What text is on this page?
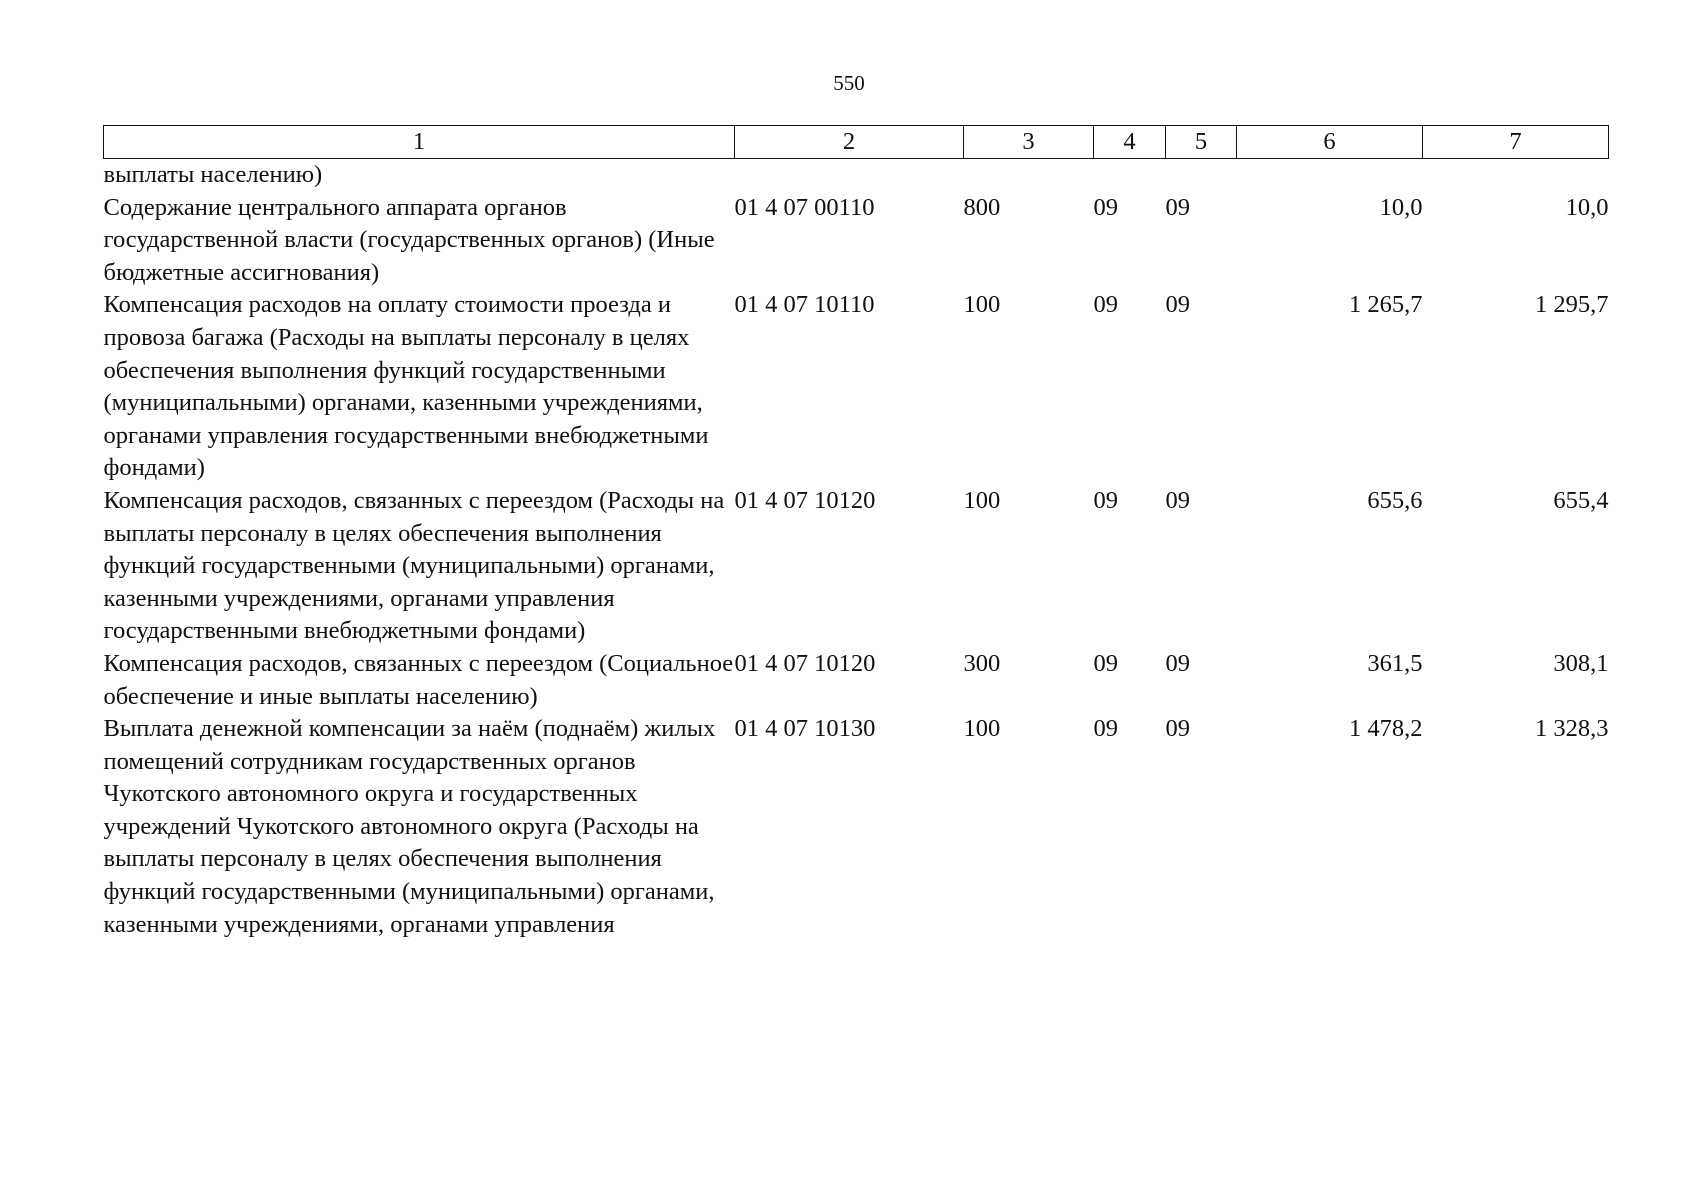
550
1	2	3	4	5	6	7
выплаты населению)						
Содержание центрального аппарата органов государственной власти (государственных органов) (Иные бюджетные ассигнования)	01 4 07 00110	800	09	09	10,0	10,0
Компенсация расходов на оплату стоимости проезда и провоза багажа (Расходы на выплаты персоналу в целях обеспечения выполнения функций государственными (муниципальными) органами, казенными учреждениями, органами управления государственными внебюджетными фондами)	01 4 07 10110	100	09	09	1 265,7	1 295,7
Компенсация расходов, связанных с переездом (Расходы на выплаты персоналу в целях обеспечения выполнения функций государственными (муниципальными) органами, казенными учреждениями, органами управления государственными внебюджетными фондами)	01 4 07 10120	100	09	09	655,6	655,4
Компенсация расходов, связанных с переездом (Социальное обеспечение и иные выплаты населению)	01 4 07 10120	300	09	09	361,5	308,1
Выплата денежной компенсации за наём (поднаём) жилых помещений сотрудникам государственных органов Чукотского автономного округа и государственных учреждений Чукотского автономного округа (Расходы на выплаты персоналу в целях обеспечения выполнения функций государственными (муниципальными) органами, казенными учреждениями, органами управления	01 4 07 10130	100	09	09	1 478,2	1 328,3
